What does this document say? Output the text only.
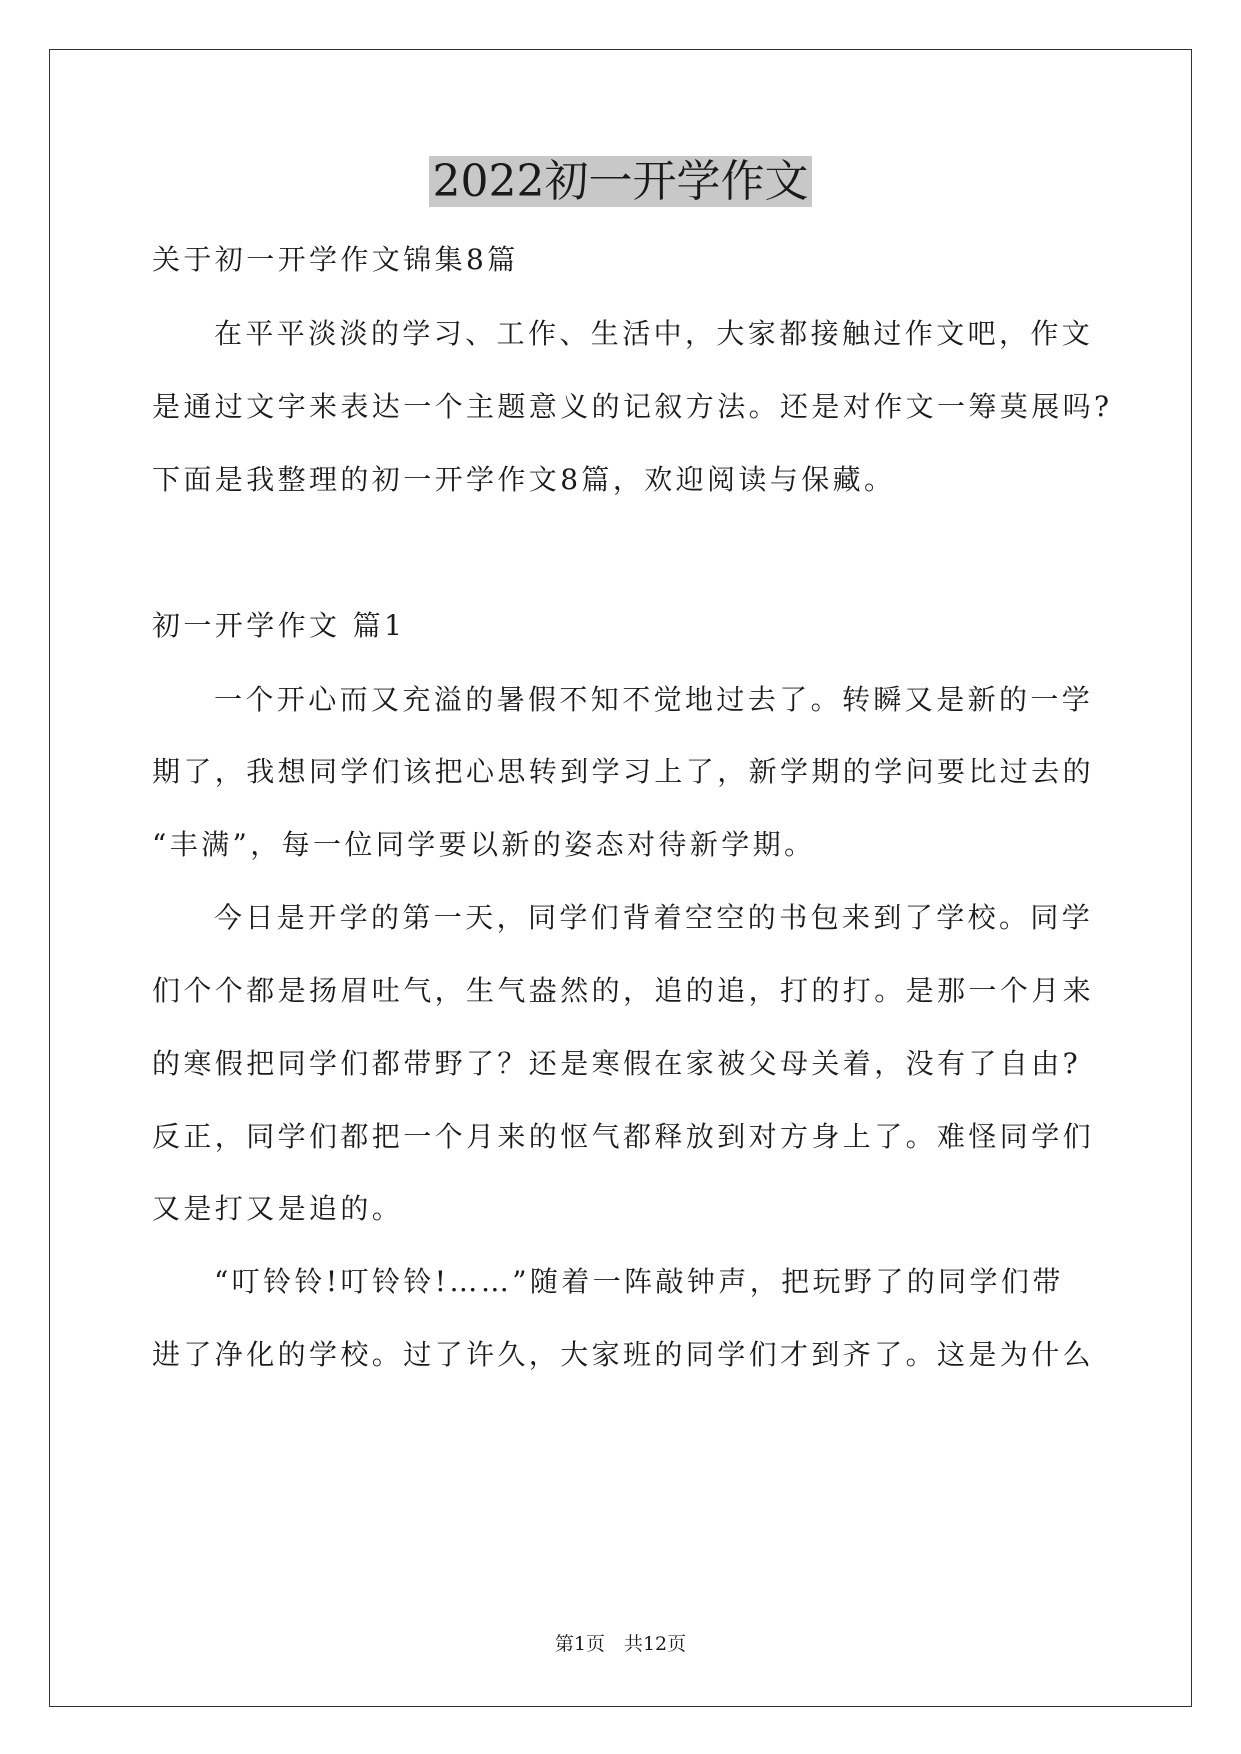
2022初一开学作文
关于初一开学作文锦集8篇
在平平淡淡的学习、工作、生活中，大家都接触过作文吧，作文
是通过文字来表达一个主题意义的记叙方法。还是对作文一筹莫展吗?
下面是我整理的初一开学作文8篇，欢迎阅读与保藏。
初一开学作文 篇1
一个开心而又充溢的暑假不知不觉地过去了。转瞬又是新的一学
期了，我想同学们该把心思转到学习上了，新学期的学问要比过去的
“丰满”，每一位同学要以新的姿态对待新学期。
今日是开学的第一天，同学们背着空空的书包来到了学校。同学
们个个都是扬眉吐气，生气盎然的，追的追，打的打。是那一个月来
的寒假把同学们都带野了？还是寒假在家被父母关着，没有了自由?
反正，同学们都把一个月来的怄气都释放到对方身上了。难怪同学们
又是打又是追的。
“叮铃铃!叮铃铃!……”随着一阵敲钟声，把玩野了的同学们带
进了净化的学校。过了许久，大家班的同学们才到齐了。这是为什么
第1页　共12页
